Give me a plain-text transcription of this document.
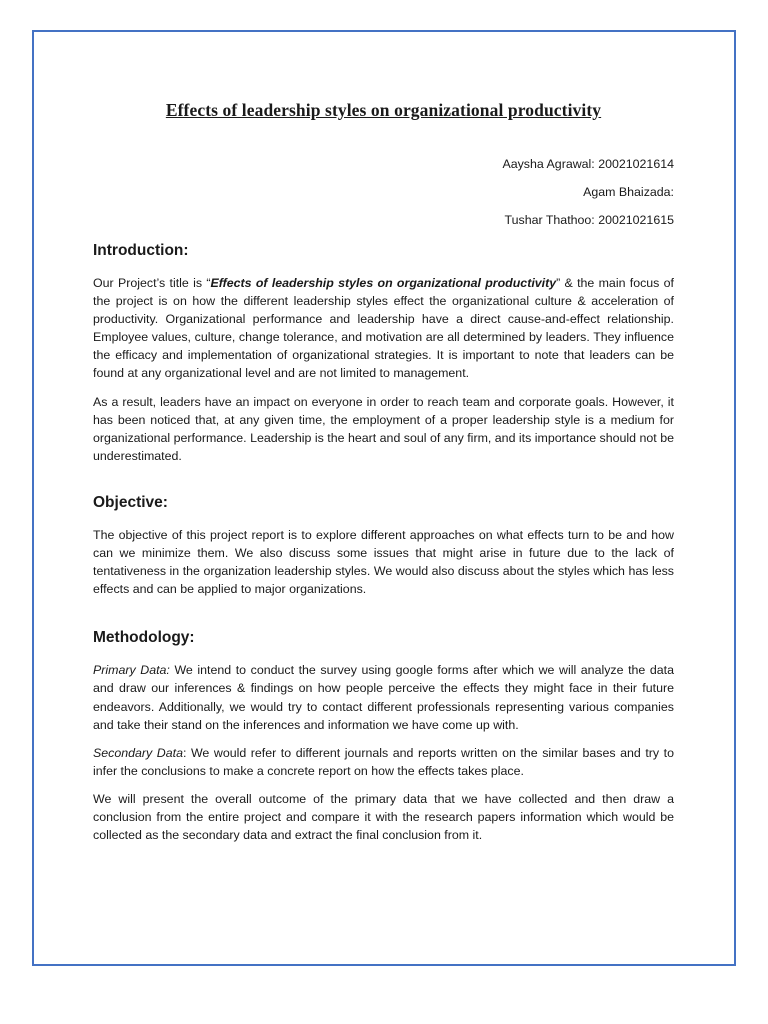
Effects of leadership styles on organizational productivity
Aaysha Agrawal: 20021021614
Agam Bhaizada:
Tushar Thathoo: 20021021615
Introduction:

Our Project’s title is “Effects of leadership styles on organizational productivity” & the main focus of the project is on how the different leadership styles effect the organizational culture & acceleration of productivity. Organizational performance and leadership have a direct cause-and-effect relationship. Employee values, culture, change tolerance, and motivation are all determined by leaders. They influence the efficacy and implementation of organizational strategies. It is important to note that leaders can be found at any organizational level and are not limited to management.

As a result, leaders have an impact on everyone in order to reach team and corporate goals. However, it has been noticed that, at any given time, the employment of a proper leadership style is a medium for organizational performance. Leadership is the heart and soul of any firm, and its importance should not be underestimated.

Objective:

The objective of this project report is to explore different approaches on what effects turn to be and how can we minimize them. We also discuss some issues that might arise in future due to the lack of tentativeness in the organization leadership styles. We would also discuss about the styles which has less effects and can be applied to major organizations.

Methodology:

Primary Data: We intend to conduct the survey using google forms after which we will analyze the data and draw our inferences & findings on how people perceive the effects they might face in their future endeavors. Additionally, we would try to contact different professionals representing various companies and take their stand on the inferences and information we have come up with.

Secondary Data: We would refer to different journals and reports written on the similar bases and try to infer the conclusions to make a concrete report on how the effects takes place.

We will present the overall outcome of the primary data that we have collected and then draw a conclusion from the entire project and compare it with the research papers information which would be collected as the secondary data and extract the final conclusion from it.
